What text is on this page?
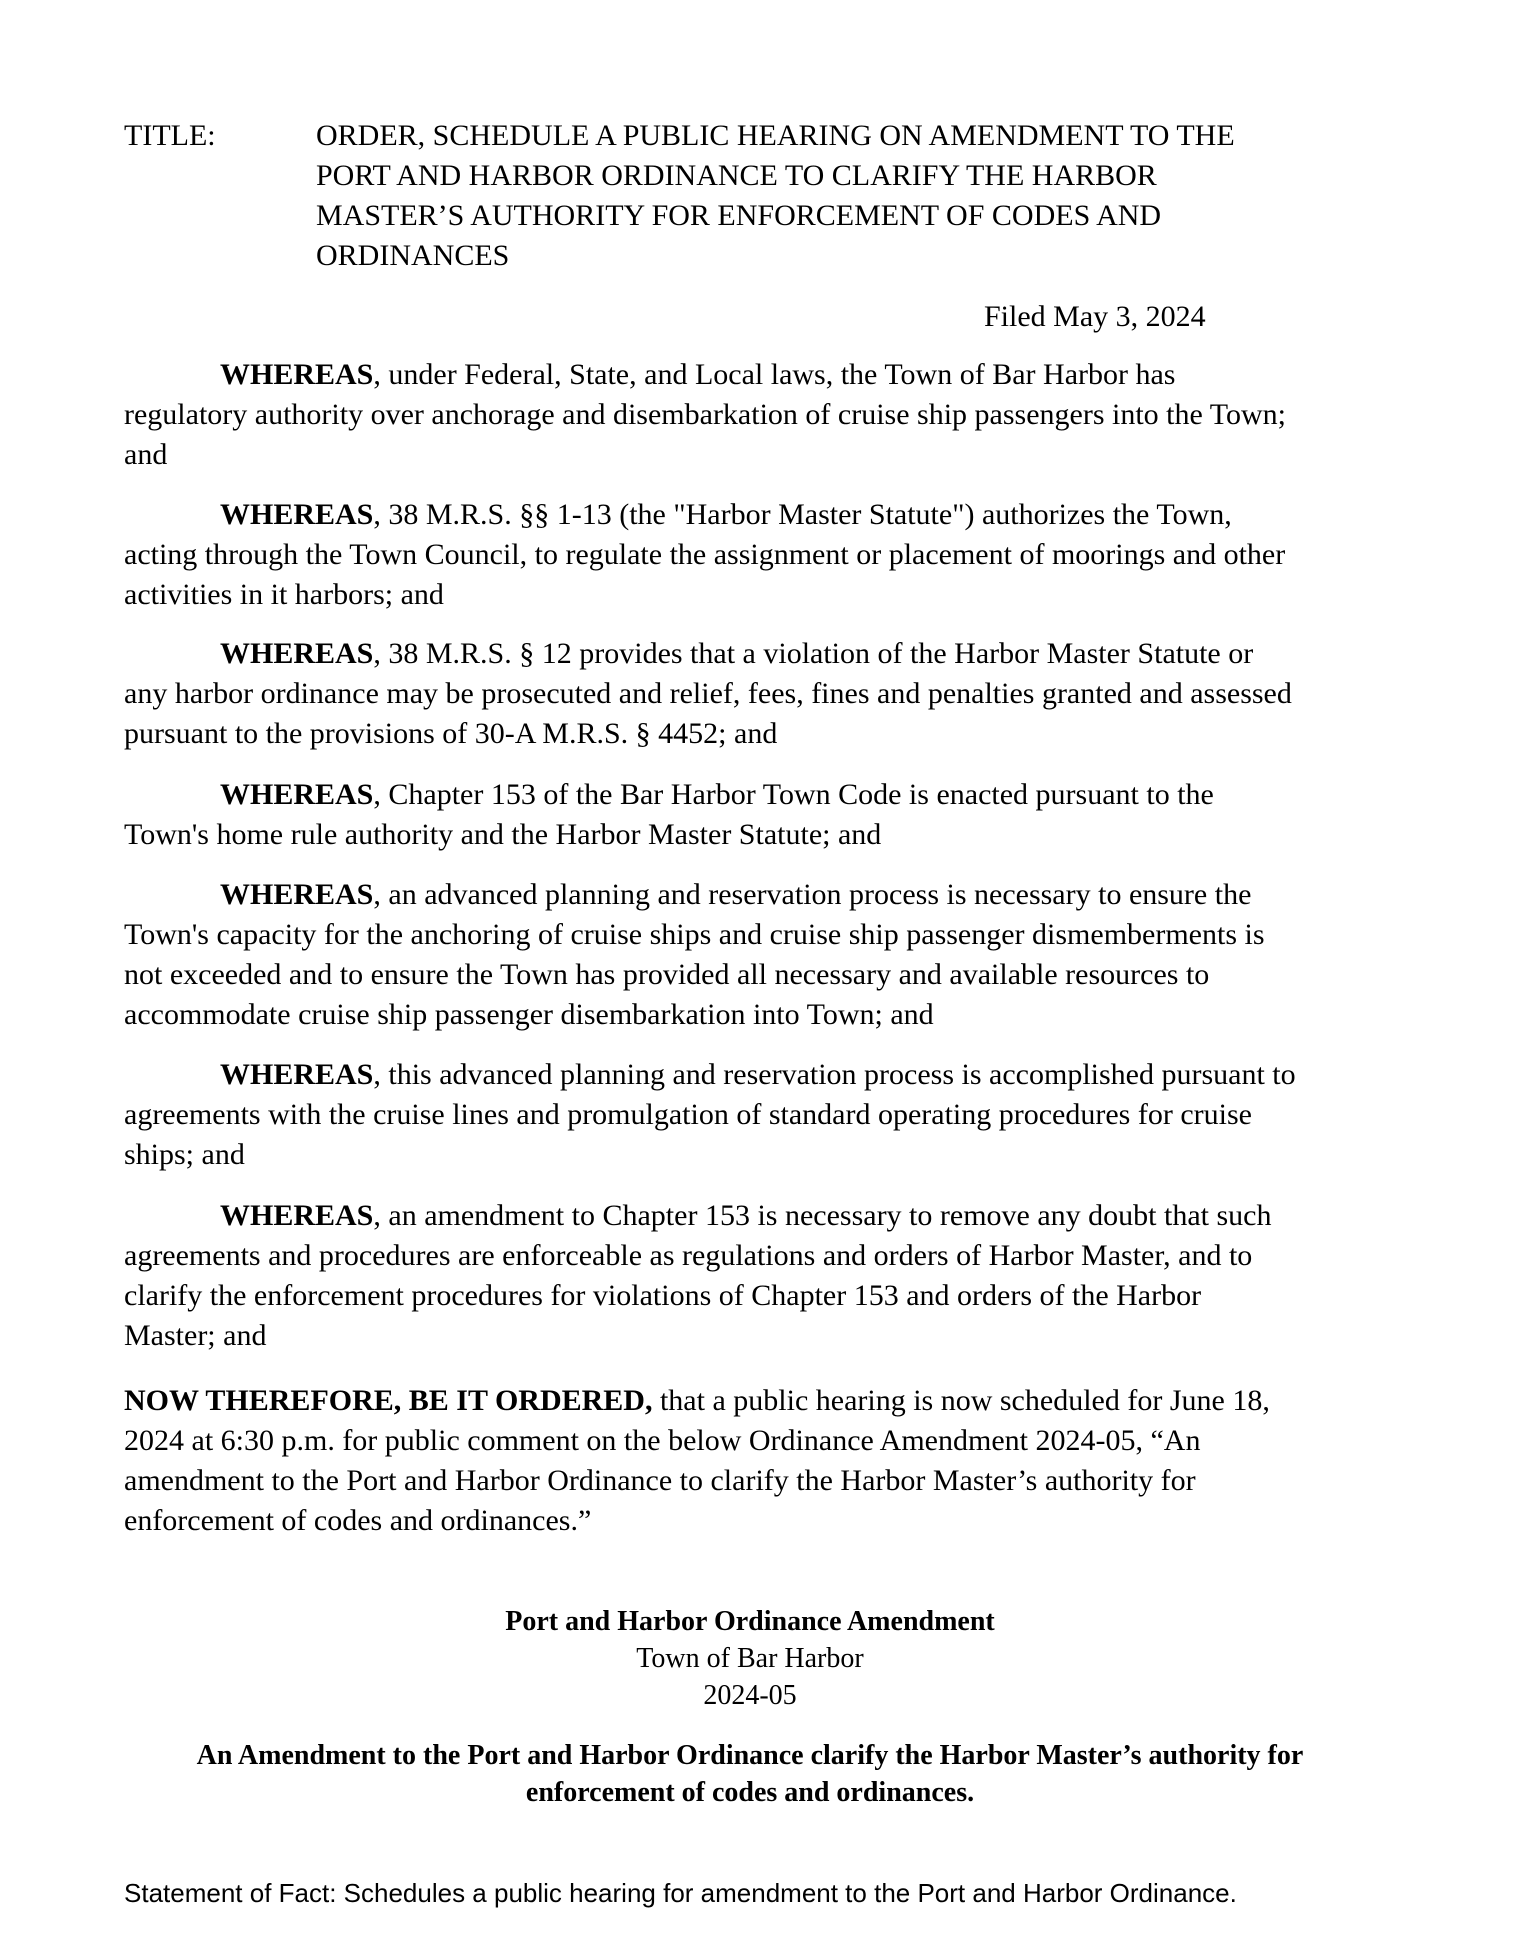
TITLE:	ORDER, SCHEDULE A PUBLIC HEARING ON AMENDMENT TO THE
PORT AND HARBOR ORDINANCE TO CLARIFY THE HARBOR
MASTER’S AUTHORITY FOR ENFORCEMENT OF CODES AND
ORDINANCES
Filed May 3, 2024
WHEREAS, under Federal, State, and Local laws, the Town of Bar Harbor has
regulatory authority over anchorage and disembarkation of cruise ship passengers into the Town;
and
WHEREAS, 38 M.R.S. §§ 1-13 (the "Harbor Master Statute") authorizes the Town,
acting through the Town Council, to regulate the assignment or placement of moorings and other
activities in it harbors; and
WHEREAS, 38 M.R.S. § 12 provides that a violation of the Harbor Master Statute or
any harbor ordinance may be prosecuted and relief, fees, fines and penalties granted and assessed
pursuant to the provisions of 30-A M.R.S. § 4452; and
WHEREAS, Chapter 153 of the Bar Harbor Town Code is enacted pursuant to the
Town's home rule authority and the Harbor Master Statute; and
WHEREAS, an advanced planning and reservation process is necessary to ensure the
Town's capacity for the anchoring of cruise ships and cruise ship passenger dismemberments is
not exceeded and to ensure the Town has provided all necessary and available resources to
accommodate cruise ship passenger disembarkation into Town; and
WHEREAS, this advanced planning and reservation process is accomplished pursuant to
agreements with the cruise lines and promulgation of standard operating procedures for cruise
ships; and
WHEREAS, an amendment to Chapter 153 is necessary to remove any doubt that such
agreements and procedures are enforceable as regulations and orders of Harbor Master, and to
clarify the enforcement procedures for violations of Chapter 153 and orders of the Harbor
Master; and
NOW THEREFORE, BE IT ORDERED, that a public hearing is now scheduled for June 18,
2024 at 6:30 p.m. for public comment on the below Ordinance Amendment 2024-05, “An
amendment to the Port and Harbor Ordinance to clarify the Harbor Master’s authority for
enforcement of codes and ordinances.”
Port and Harbor Ordinance Amendment
Town of Bar Harbor
2024-05
An Amendment to the Port and Harbor Ordinance clarify the Harbor Master’s authority for
enforcement of codes and ordinances.
Statement of Fact: Schedules a public hearing for amendment to the Port and Harbor Ordinance.
